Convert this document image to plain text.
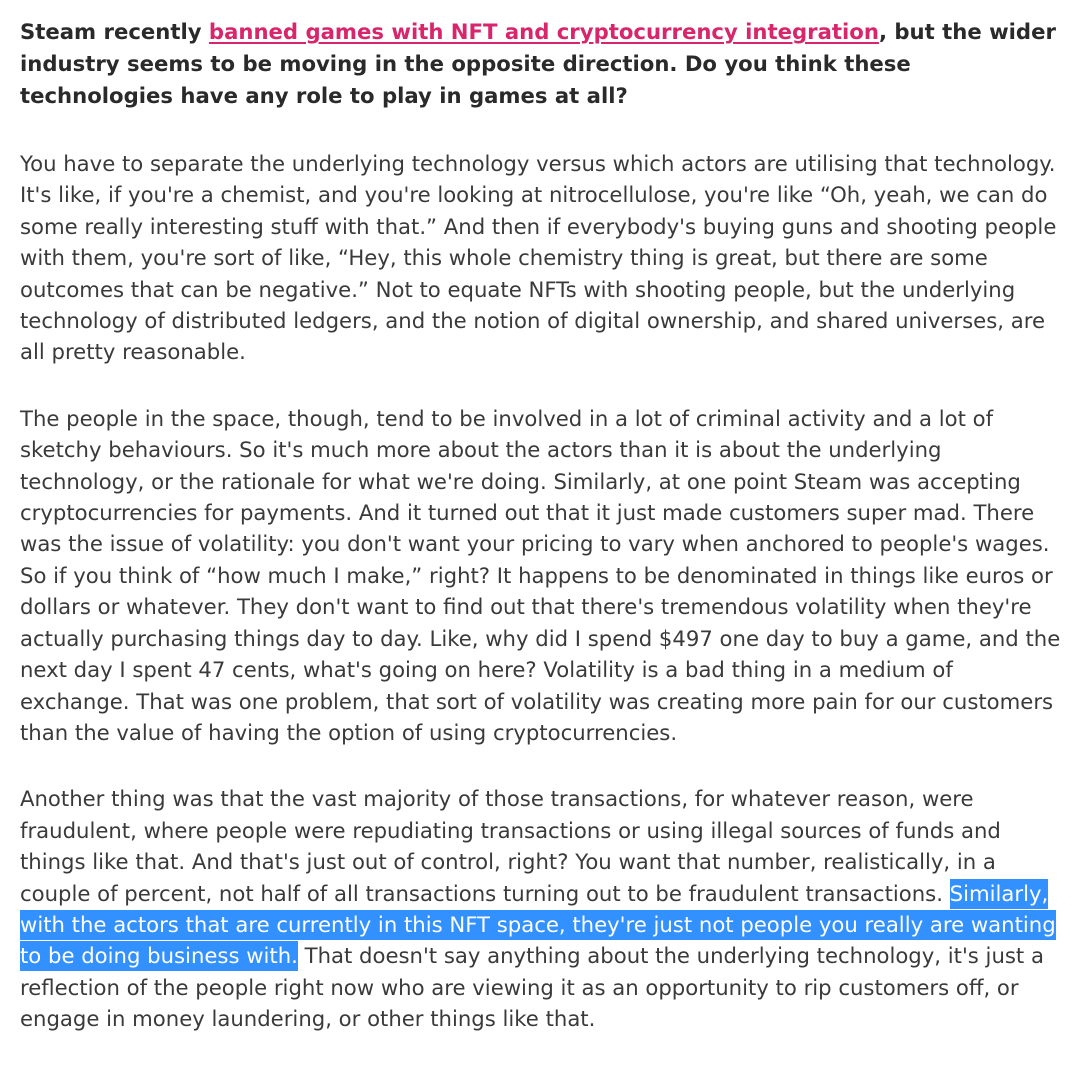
Steam recently banned games with NFT and cryptocurrency integration, but the wider industry seems to be moving in the opposite direction. Do you think these technologies have any role to play in games at all?

You have to separate the underlying technology versus which actors are utilising that technology. It's like, if you're a chemist, and you're looking at nitrocellulose, you're like “Oh, yeah, we can do some really interesting stuff with that.” And then if everybody's buying guns and shooting people with them, you're sort of like, “Hey, this whole chemistry thing is great, but there are some outcomes that can be negative.” Not to equate NFTs with shooting people, but the underlying technology of distributed ledgers, and the notion of digital ownership, and shared universes, are all pretty reasonable.

The people in the space, though, tend to be involved in a lot of criminal activity and a lot of sketchy behaviours. So it's much more about the actors than it is about the underlying technology, or the rationale for what we're doing. Similarly, at one point Steam was accepting cryptocurrencies for payments. And it turned out that it just made customers super mad. There was the issue of volatility: you don't want your pricing to vary when anchored to people's wages. So if you think of “how much I make,” right? It happens to be denominated in things like euros or dollars or whatever. They don't want to find out that there's tremendous volatility when they're actually purchasing things day to day. Like, why did I spend $497 one day to buy a game, and the next day I spent 47 cents, what's going on here? Volatility is a bad thing in a medium of exchange. That was one problem, that sort of volatility was creating more pain for our customers than the value of having the option of using cryptocurrencies.

Another thing was that the vast majority of those transactions, for whatever reason, were fraudulent, where people were repudiating transactions or using illegal sources of funds and things like that. And that's just out of control, right? You want that number, realistically, in a couple of percent, not half of all transactions turning out to be fraudulent transactions. Similarly, with the actors that are currently in this NFT space, they're just not people you really are wanting to be doing business with. That doesn't say anything about the underlying technology, it's just a reflection of the people right now who are viewing it as an opportunity to rip customers off, or engage in money laundering, or other things like that.
